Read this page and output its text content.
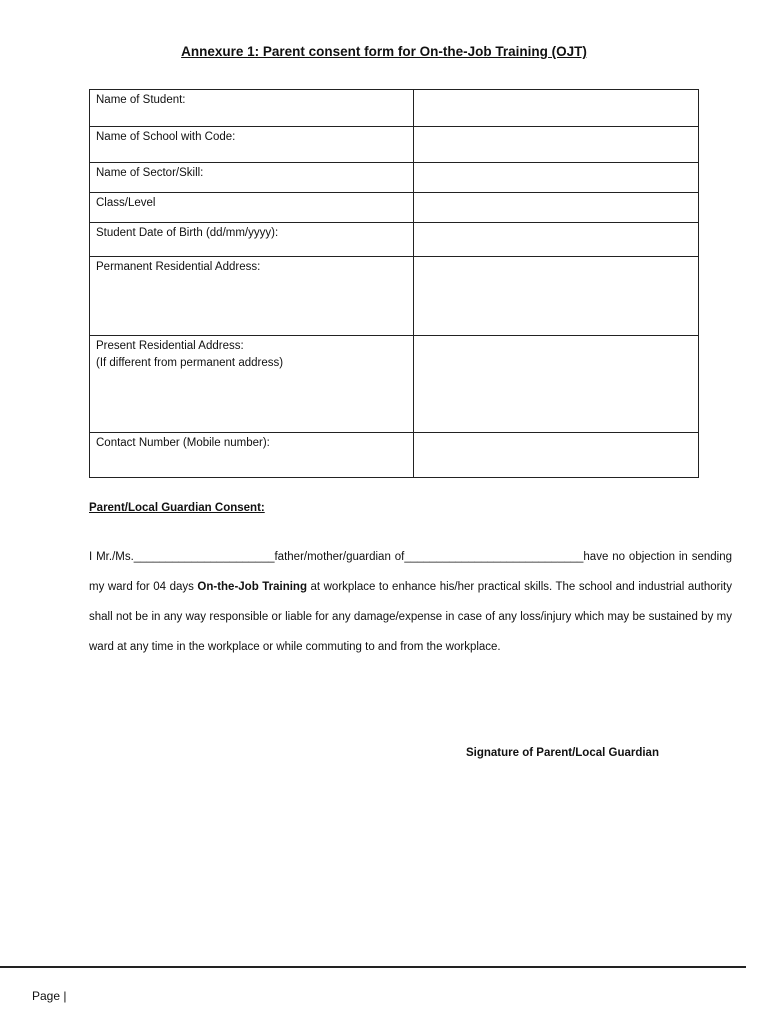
Annexure 1: Parent consent form for On-the-Job Training (OJT)
Name of Student:	
Name of School with Code:	
Name of Sector/Skill:	
Class/Level	
Student Date of Birth (dd/mm/yyyy):	
Permanent Residential Address:	

Present Residential Address:
(If different from permanent address)	

Contact Number (Mobile number):	
Parent/Local Guardian Consent:
I Mr./Ms.______________________father/mother/guardian of____________________________have no objection in sending my ward for 04 days On-the-Job Training at workplace to enhance his/her practical skills. The school and industrial authority shall not be in any way responsible or liable for any damage/expense in case of any loss/injury which may be sustained by my ward at any time in the workplace or while commuting to and from the workplace.
Signature of Parent/Local Guardian
Page |
